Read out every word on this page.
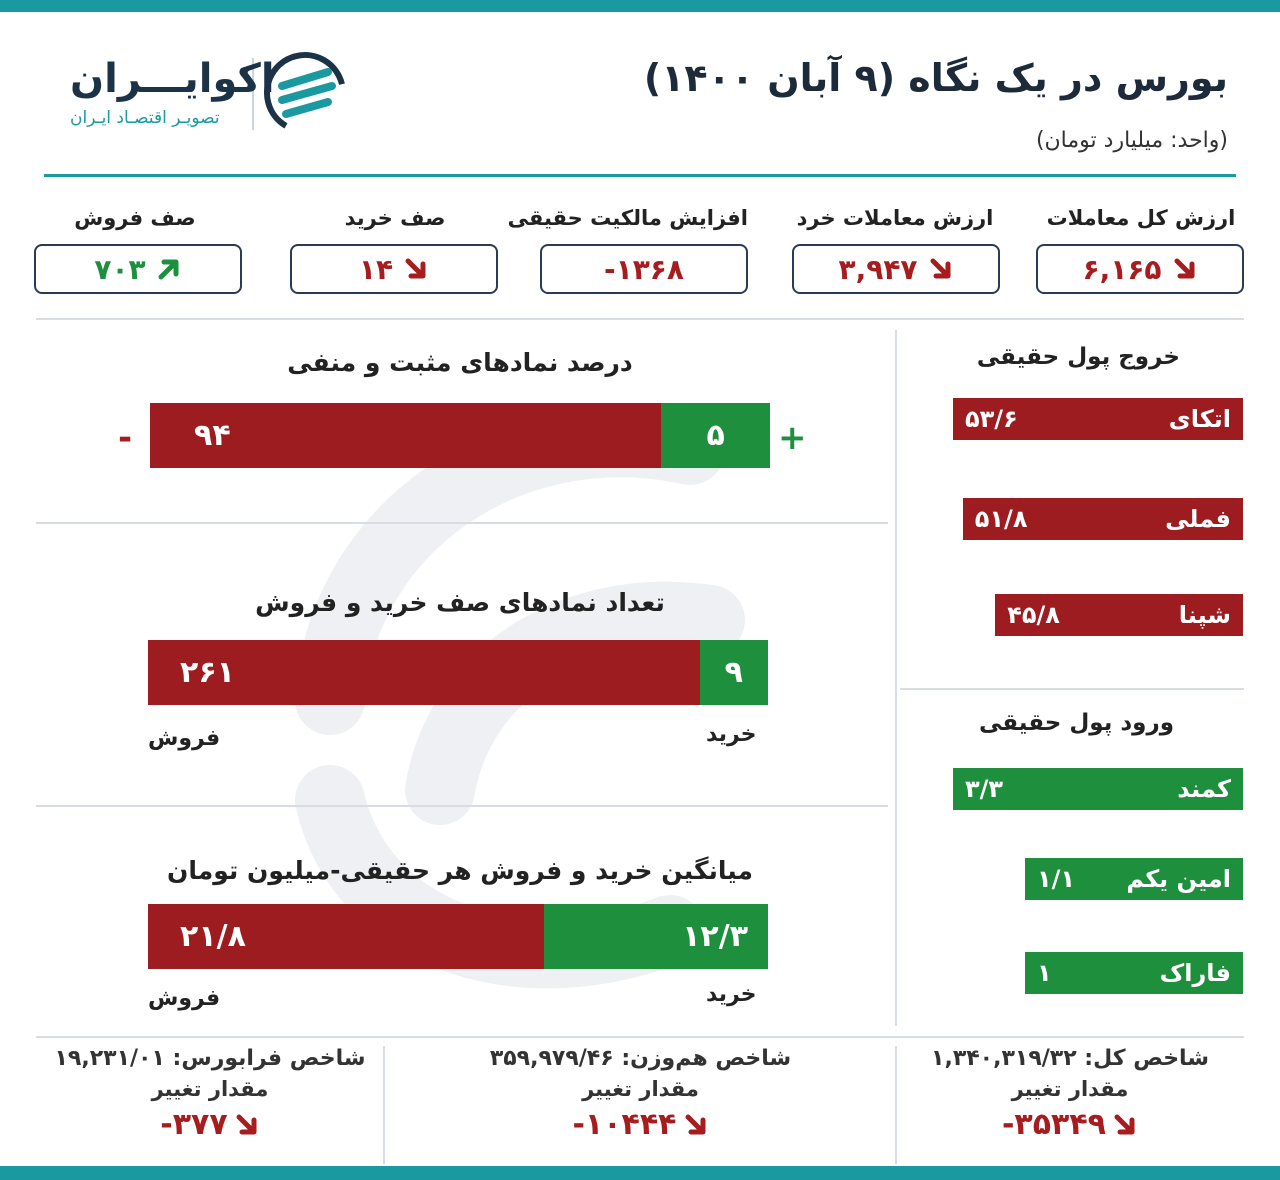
بورس در یک نگاه (۹ آبان ۱۴۰۰)
(واحد: میلیارد تومان)
اکوایـــران
تصویـر اقتصـاد ایـران
ارزش کل معاملات
۶,۱۶۵
ارزش معاملات خرد
۳,۹۴۷
افزایش مالکیت حقیقی
-۱۳۶۸
صف خرید
۱۴
صف فروش
۷۰۳
درصد نمادهای مثبت و منفی
۵
۹۴	+
-
تعداد نمادهای صف خرید و فروش
۹
۲۶۱
خرید
فروش
میانگین خرید و فروش هر حقیقی-میلیون تومان
۱۲/۳
۲۱/۸
خرید
فروش
خروج پول حقیقی
اتکای
۵۳/۶
فملی
۵۱/۸
شپنا
۴۵/۸
ورود پول حقیقی
کمند
۳/۳
امین یکم
۱/۱
فاراک
۱
شاخص کل: ۱,۳۴۰,۳۱۹/۳۲
مقدار تغییر
-۳۵۳۴۹
شاخص هم‌وزن: ۳۵۹,۹۷۹/۴۶
مقدار تغییر
-۱۰۴۴۴
شاخص فرابورس: ۱۹,۲۳۱/۰۱
مقدار تغییر
-۳۷۷
